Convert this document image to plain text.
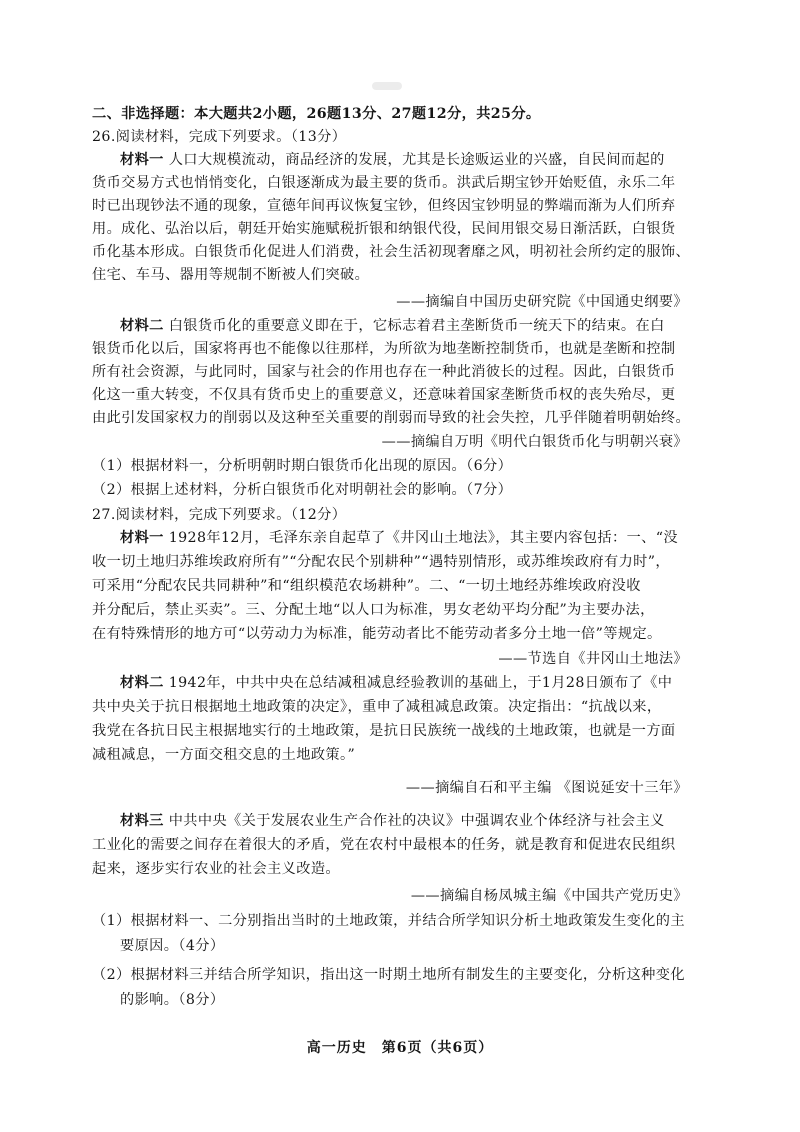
二、非选择题：本大题共2小题，26题13分、27题12分，共25分。
26.阅读材料，完成下列要求。（13分）
材料一 人口大规模流动，商品经济的发展，尤其是长途贩运业的兴盛，自民间而起的
货币交易方式也悄悄变化，白银逐渐成为最主要的货币。洪武后期宝钞开始贬值，永乐二年
时已出现钞法不通的现象，宣德年间再议恢复宝钞，但终因宝钞明显的弊端而渐为人们所弃
用。成化、弘治以后，朝廷开始实施赋税折银和纳银代役，民间用银交易日渐活跃，白银货
币化基本形成。白银货币化促进人们消费，社会生活初现奢靡之风，明初社会所约定的服饰、
住宅、车马、器用等规制不断被人们突破。
——摘编自中国历史研究院《中国通史纲要》
材料二 白银货币化的重要意义即在于，它标志着君主垄断货币一统天下的结束。在白
银货币化以后，国家将再也不能像以往那样，为所欲为地垄断控制货币，也就是垄断和控制
所有社会资源，与此同时，国家与社会的作用也存在一种此消彼长的过程。因此，白银货币
化这一重大转变，不仅具有货币史上的重要意义，还意味着国家垄断货币权的丧失殆尽，更
由此引发国家权力的削弱以及这种至关重要的削弱而导致的社会失控，几乎伴随着明朝始终。
——摘编自万明《明代白银货币化与明朝兴衰》
（1）根据材料一，分析明朝时期白银货币化出现的原因。（6分）
（2）根据上述材料，分析白银货币化对明朝社会的影响。（7分）
27.阅读材料，完成下列要求。（12分）
材料一 1928年12月，毛泽东亲自起草了《井冈山土地法》，其主要内容包括：一、“没
收一切土地归苏维埃政府所有”“分配农民个别耕种”“遇特别情形，或苏维埃政府有力时”，
可采用“分配农民共同耕种”和“组织模范农场耕种”。二、“一切土地经苏维埃政府没收
并分配后，禁止买卖”。三、分配土地“以人口为标准，男女老幼平均分配”为主要办法，
在有特殊情形的地方可“以劳动力为标准，能劳动者比不能劳动者多分土地一倍”等规定。
——节选自《井冈山土地法》
材料二 1942年，中共中央在总结减租减息经验教训的基础上，于1月28日颁布了《中
共中央关于抗日根据地土地政策的决定》，重申了减租减息政策。决定指出：“抗战以来，
我党在各抗日民主根据地实行的土地政策，是抗日民族统一战线的土地政策，也就是一方面
减租减息，一方面交租交息的土地政策。”
——摘编自石和平主编 《图说延安十三年》
材料三 中共中央《关于发展农业生产合作社的决议》中强调农业个体经济与社会主义
工业化的需要之间存在着很大的矛盾，党在农村中最根本的任务，就是教育和促进农民组织
起来，逐步实行农业的社会主义改造。
——摘编自杨凤城主编《中国共产党历史》
（1）根据材料一、二分别指出当时的土地政策，并结合所学知识分析土地政策发生变化的主
要原因。（4分）
（2）根据材料三并结合所学知识，指出这一时期土地所有制发生的主要变化，分析这种变化
的影响。（8分）
高一历史　第6页（共6页）
